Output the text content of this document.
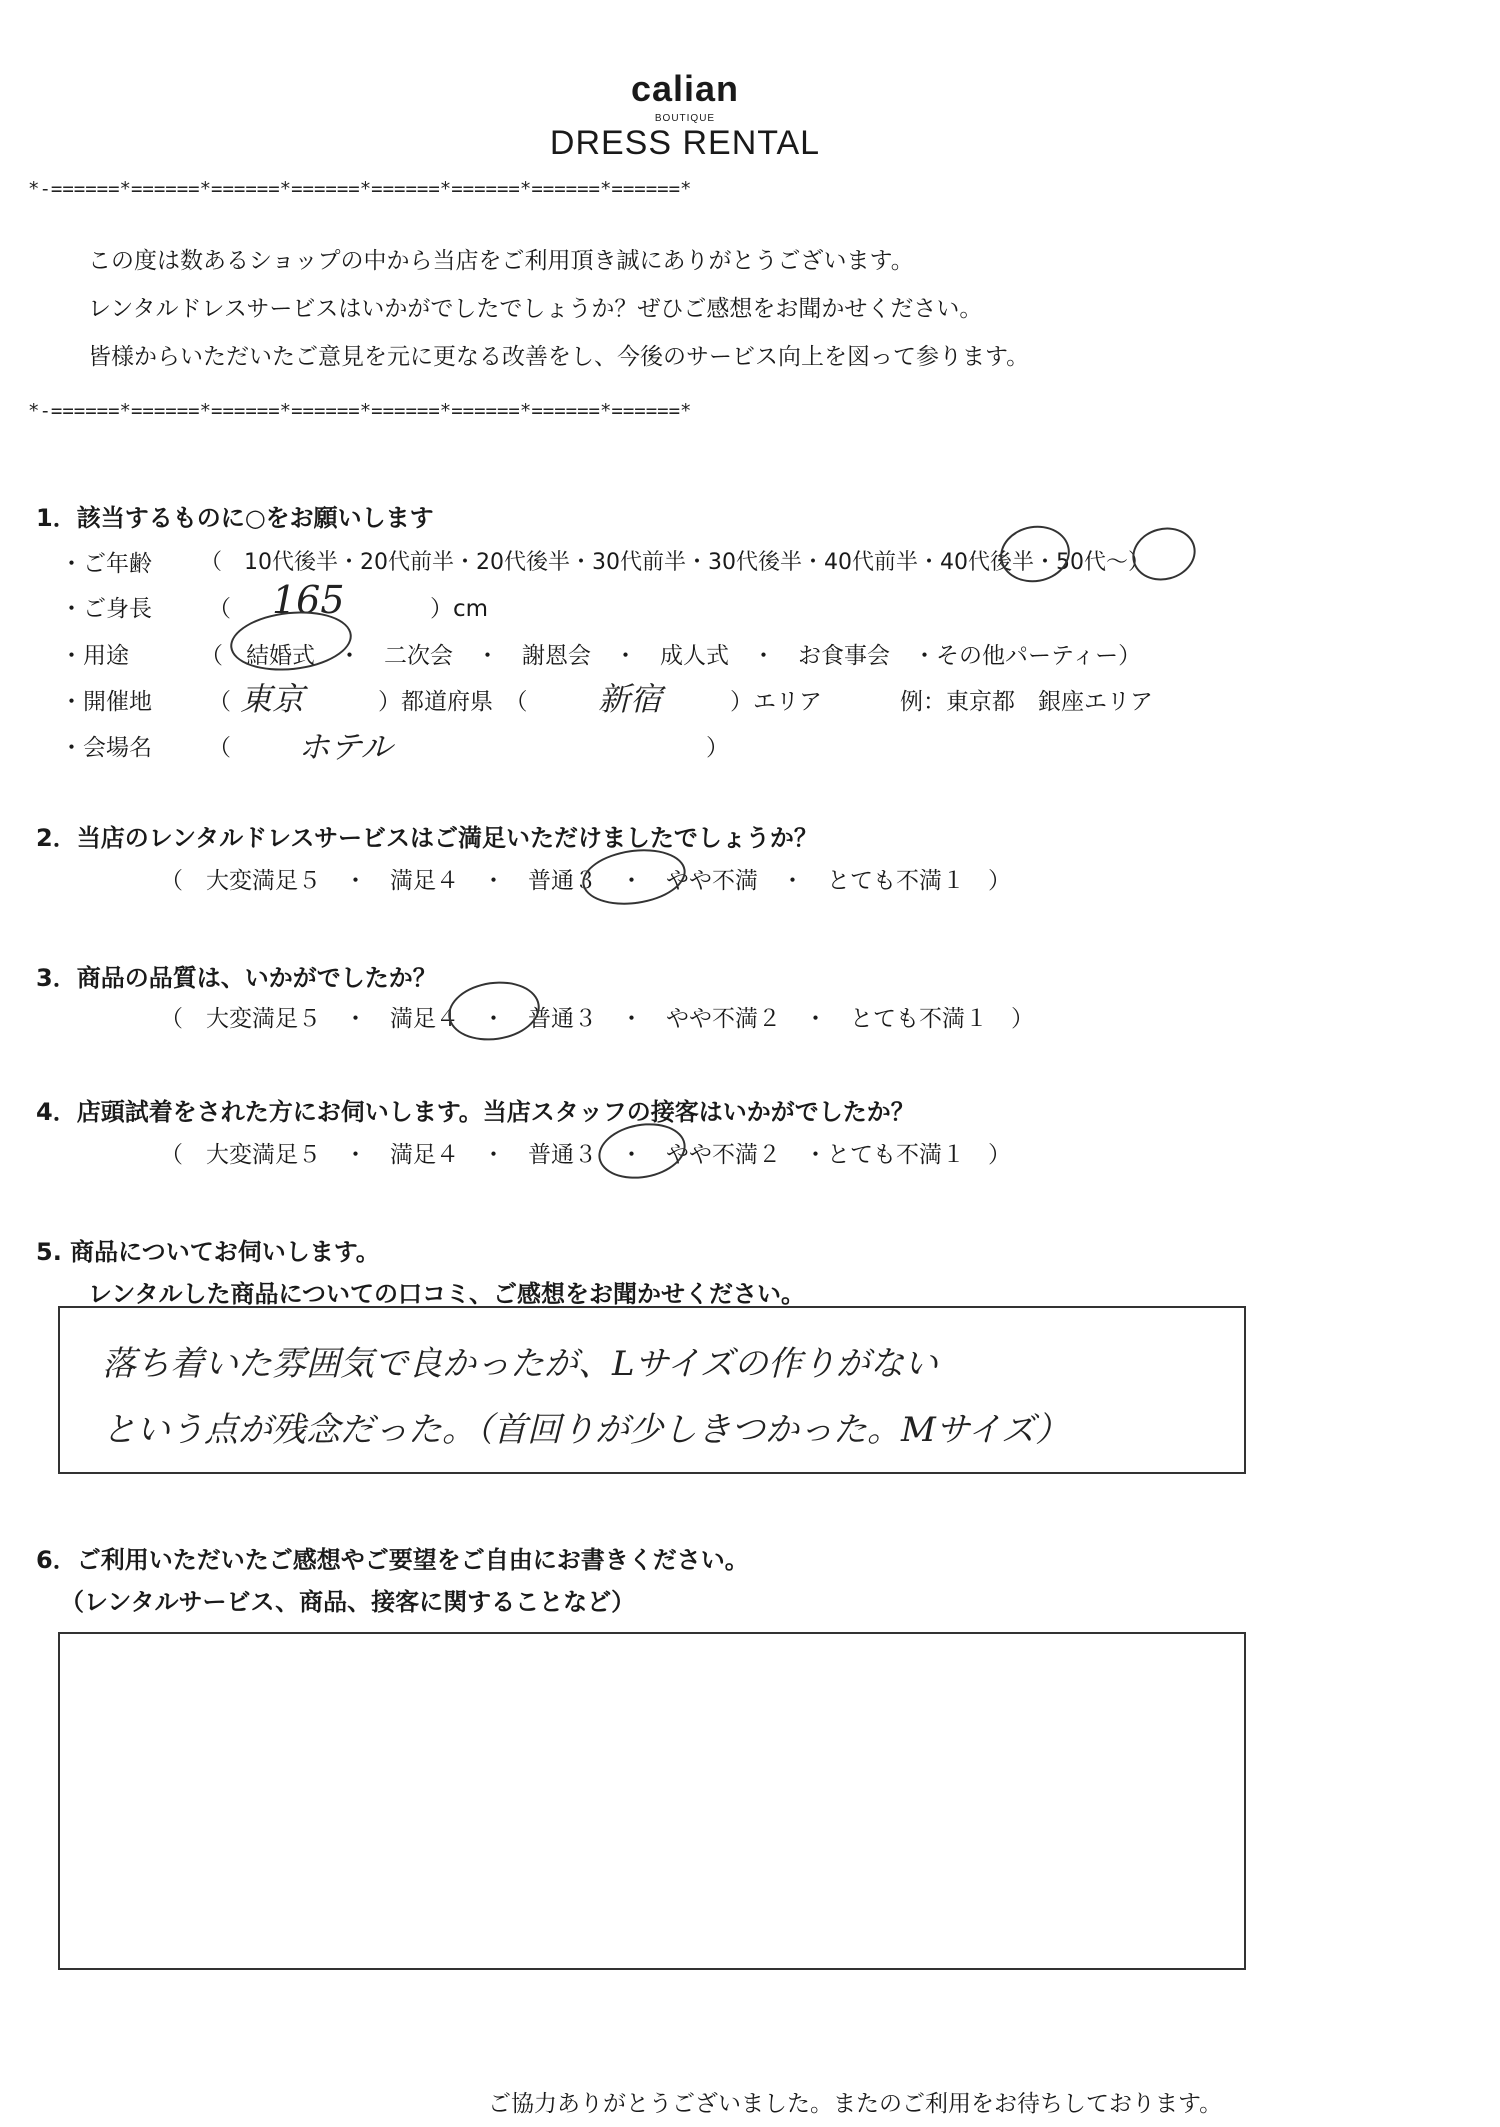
calian
BOUTIQUE
DRESS RENTAL
*-======*======*======*======*======*======*======*======*
*-======*======*======*======*======*======*======*======*
この度は数あるショップの中から当店をご利用頂き誠にありがとうございます。
レンタルドレスサービスはいかがでしたでしょうか？ぜひご感想をお聞かせください。
皆様からいただいたご意見を元に更なる改善をし、今後のサービス向上を図って参ります。
1．該当するものに○をお願いします
・ご年齢 （　10代後半・20代前半・20代後半・30代前半・30代後半・40代前半・40代後半・50代～）
・ご身長 （ 165	）cm
・用途	（　結婚式　・　二次会　・　謝恩会　・　成人式　・　お食事会　・その他パーティー）
・開催地 （ 東京	）都道府県　（ 新宿	）エリア	例：東京都　銀座エリア
・会場名 （ ホテル	）
2．当店のレンタルドレスサービスはご満足いただけましたでしょうか？
（　大変満足５　・　満足４　・　普通３　・　やや不満　・　とても不満１　）
3．商品の品質は、いかがでしたか？
（　大変満足５　・　満足４　・　普通３　・　やや不満２　・　とても不満１　）
4．店頭試着をされた方にお伺いします。当店スタッフの接客はいかがでしたか？
（　大変満足５　・　満足４　・　普通３　・　やや不満２　・とても不満１　）
5. 商品についてお伺いします。
レンタルした商品についての口コミ、ご感想をお聞かせください。
落ち着いた雰囲気で良かったが、Lサイズの作りがない
という点が残念だった。（首回りが少しきつかった。Mサイズ）
6．ご利用いただいたご感想やご要望をご自由にお書きください。
（レンタルサービス、商品、接客に関することなど）
ご協力ありがとうございました。またのご利用をお待ちしております。
